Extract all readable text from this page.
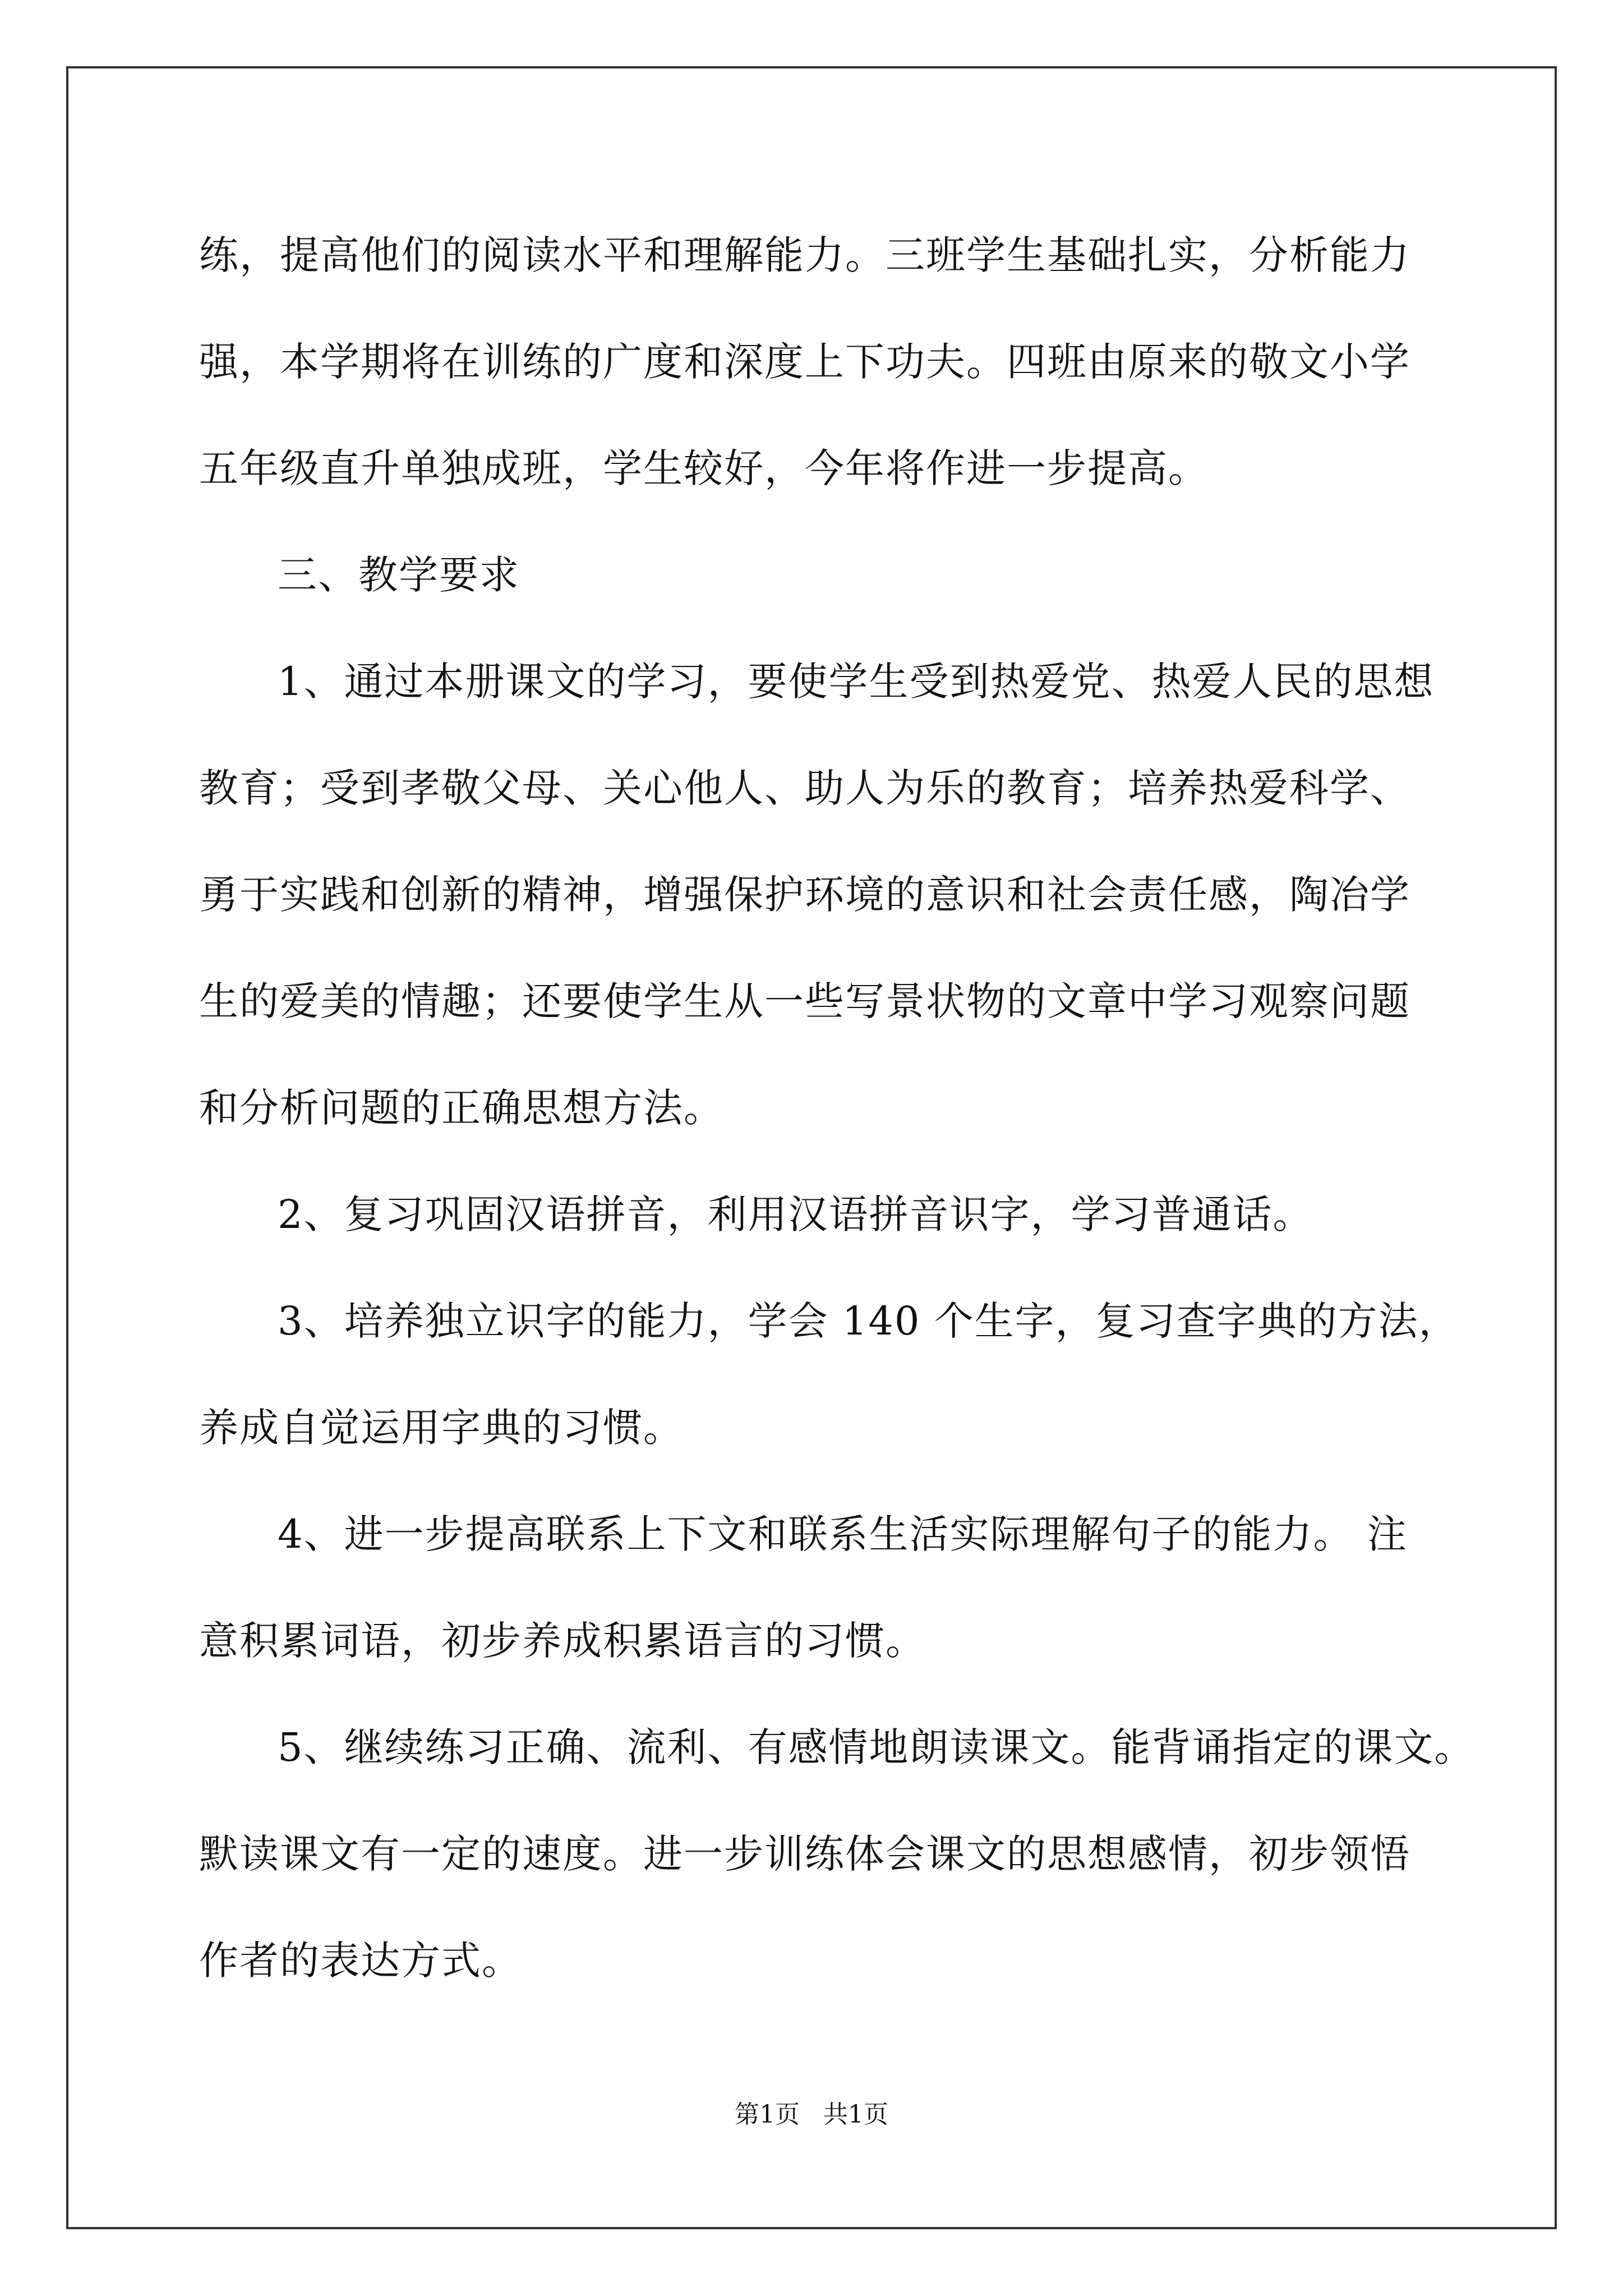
练，提高他们的阅读水平和理解能力。三班学生基础扎实，分析能力
强，本学期将在训练的广度和深度上下功夫。四班由原来的敬文小学
五年级直升单独成班，学生较好，今年将作进一步提高。
三、教学要求
1、通过本册课文的学习，要使学生受到热爱党、热爱人民的思想
教育；受到孝敬父母、关心他人、助人为乐的教育；培养热爱科学、
勇于实践和创新的精神，增强保护环境的意识和社会责任感，陶冶学
生的爱美的情趣；还要使学生从一些写景状物的文章中学习观察问题
和分析问题的正确思想方法。
2、复习巩固汉语拼音，利用汉语拼音识字，学习普通话。
3、培养独立识字的能力，学会 140 个生字，复习查字典的方法，
养成自觉运用字典的习惯。
4、进一步提高联系上下文和联系生活实际理解句子的能力。 注
意积累词语，初步养成积累语言的习惯。
5、继续练习正确、流利、有感情地朗读课文。能背诵指定的课文。
默读课文有一定的速度。进一步训练体会课文的思想感情，初步领悟
作者的表达方式。
第1页 共1页
